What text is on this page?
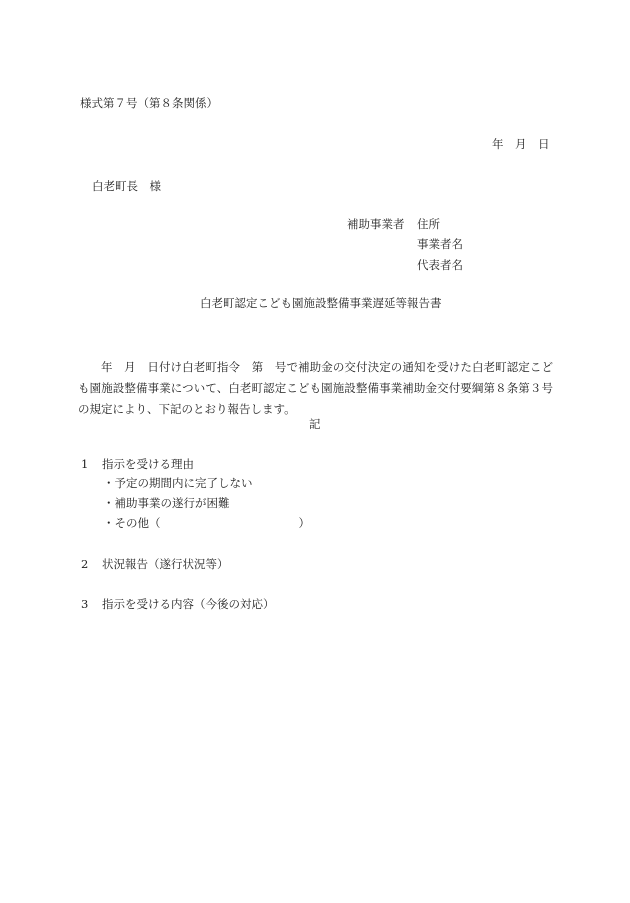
様式第７号（第８条関係）
年　月　日
白老町長　様
補助事業者 住所
事業者名
代表者名
白老町認定こども園施設整備事業遅延等報告書
年　月　日付け白老町指令　第　号で補助金の交付決定の通知を受けた白老町認定こども園施設整備事業について、白老町認定こども園施設整備事業補助金交付要綱第８条第３号の規定により、下記のとおり報告します。
記
1 指示を受ける理由
・予定の期間内に完了しない
・補助事業の遂行が困難
・その他（　　　　　　　　　　　　）
2 状況報告（遂行状況等）
3 指示を受ける内容（今後の対応）
